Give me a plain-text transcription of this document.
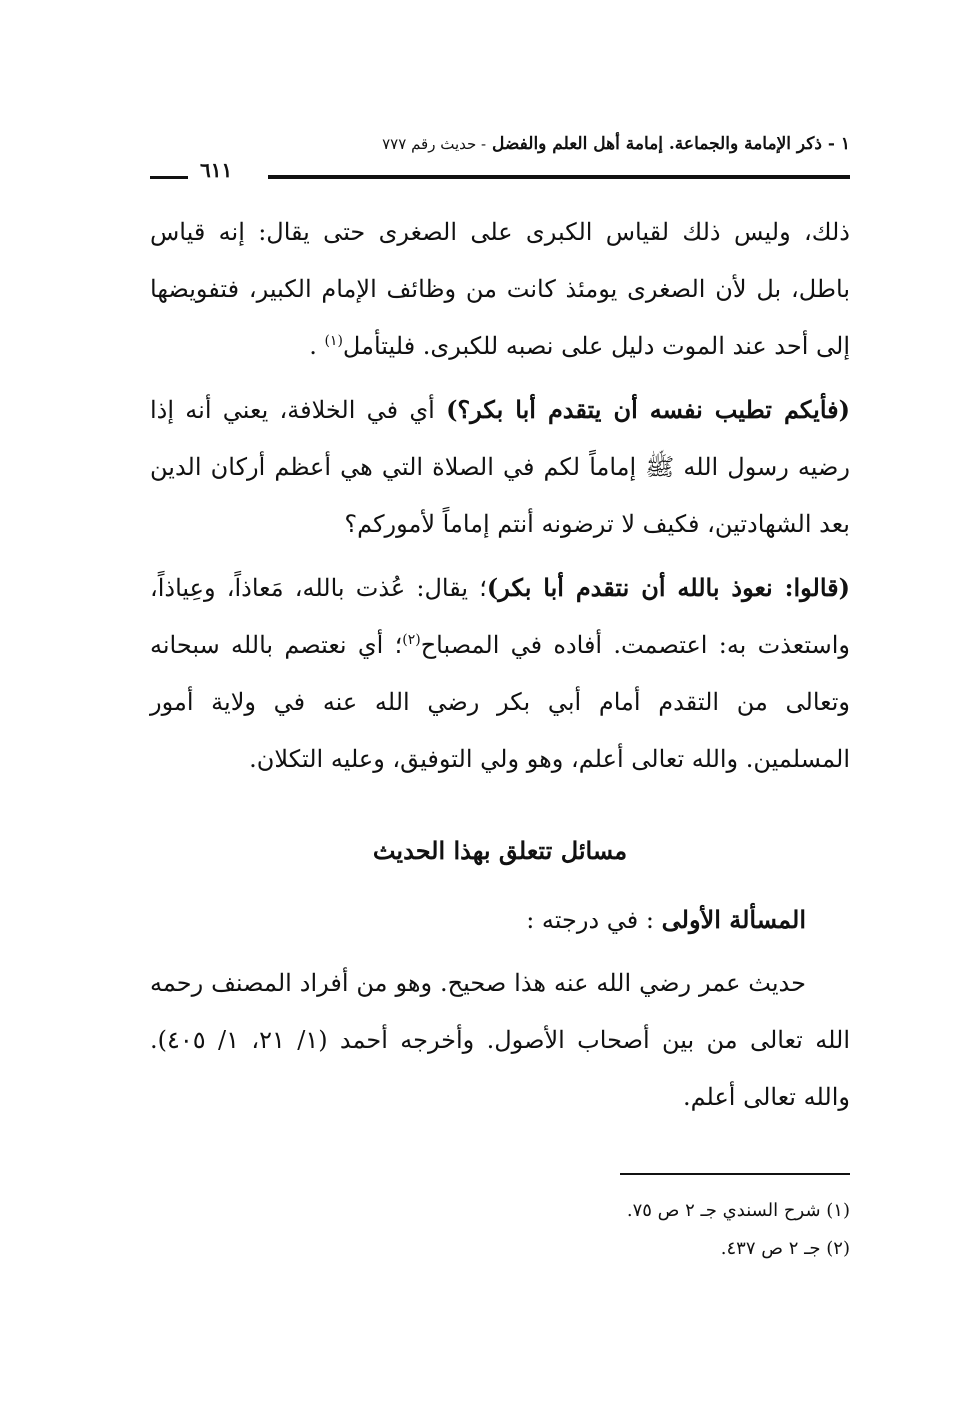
١ - ذكر الإمامة والجماعة. إمامة أهل العلم والفضل - حديث رقم ٧٧٧
٦١١

ذلك، وليس ذلك لقياس الكبرى على الصغرى حتى يقال: إنه قياس باطل، بل لأن الصغرى يومئذ كانت من وظائف الإمام الكبير، فتفويضها إلى أحد عند الموت دليل على نصبه للكبرى. فليتأمل$^{(١)}$ .

(فأيكم تطيب نفسه أن يتقدم أبا بكر؟) أي في الخلافة، يعني أنه إذا رضيه رسول الله ﷺ إماماً لكم في الصلاة التي هي أعظم أركان الدين بعد الشهادتين، فكيف لا ترضونه أنتم إماماً لأموركم؟

(قالوا: نعوذ بالله أن نتقدم أبا بكر)؛ يقال: عُذت بالله، مَعاذاً، وعِياذاً، واستعذت به: اعتصمت. أفاده في المصباح$^{(٢)}$؛ أي نعتصم بالله سبحانه وتعالى من التقدم أمام أبي بكر رضي الله عنه في ولاية أمور المسلمين. والله تعالى أعلم، وهو ولي التوفيق، وعليه التكلان.

مسائل تتعلق بهذا الحديث

المسألة الأولى : في درجته :

حديث عمر رضي الله عنه هذا صحيح. وهو من أفراد المصنف رحمه الله تعالى من بين أصحاب الأصول. وأخرجه أحمد (١/ ٢١، ١/ ٤٠٥). والله تعالى أعلم.

(١) شرح السندي جـ ٢ ص ٧٥.

(٢) جـ ٢ ص ٤٣٧.
